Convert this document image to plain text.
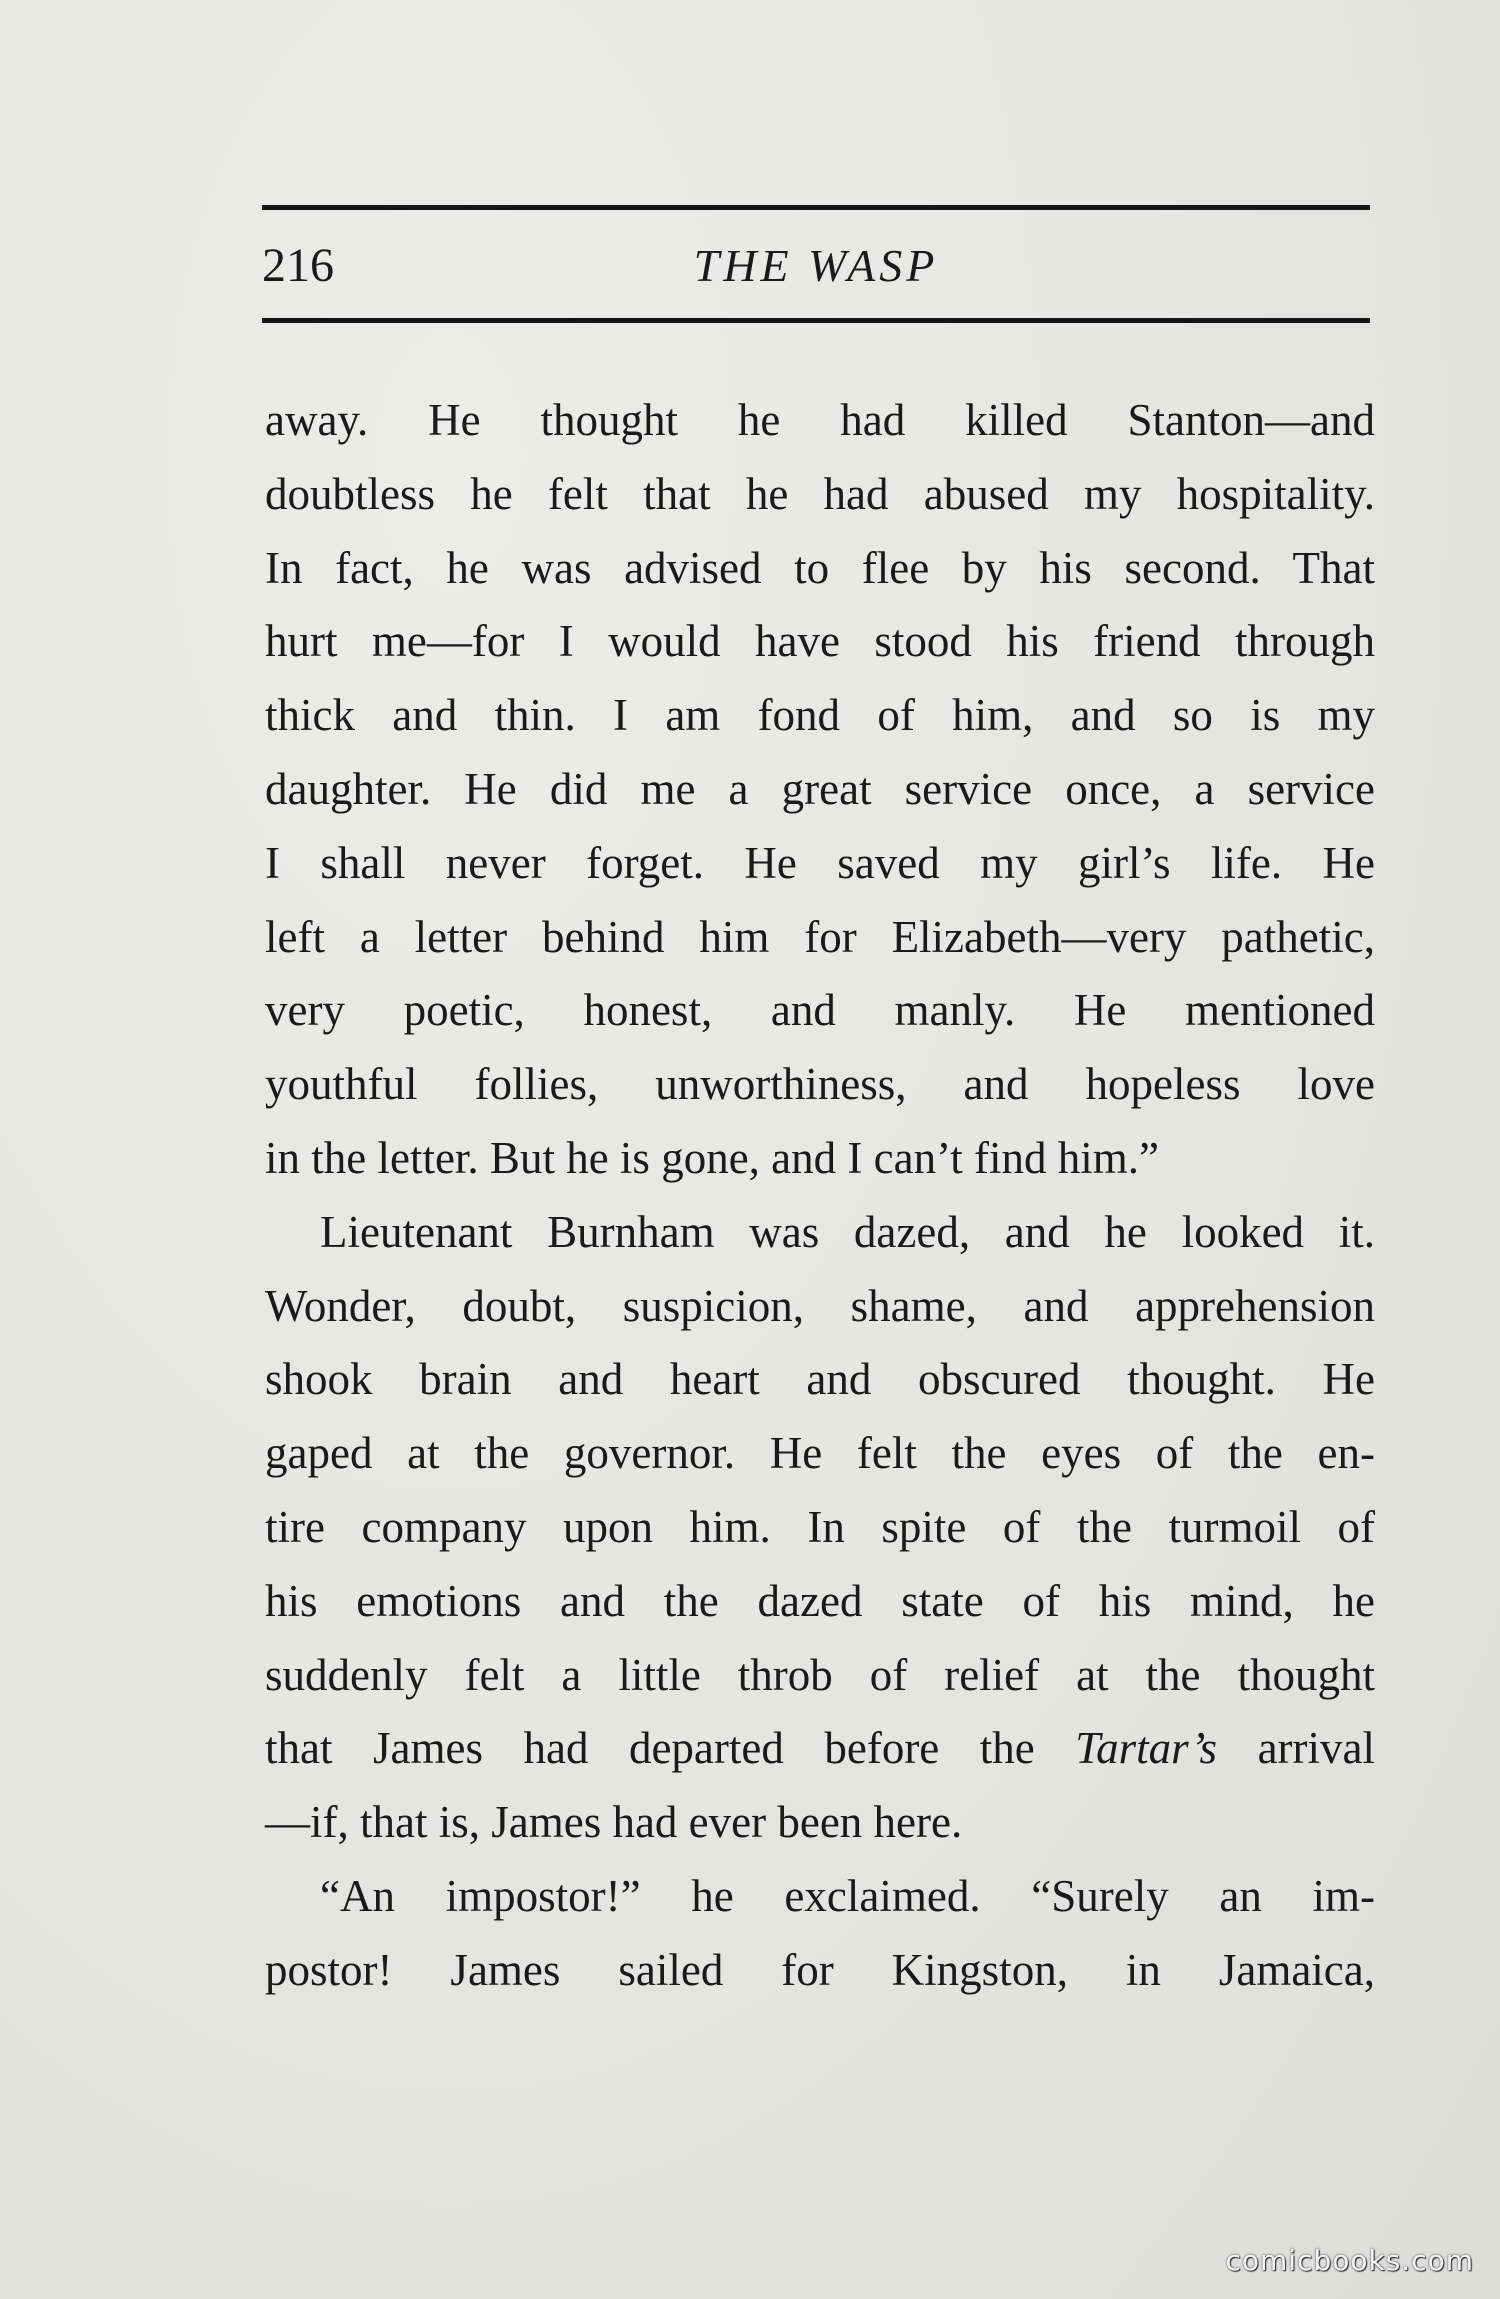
216	THE WASP
away. He thought he had killed Stanton—and
doubtless he felt that he had abused my hospitality.
In fact, he was advised to flee by his second. That
hurt me—for I would have stood his friend through
thick and thin. I am fond of him, and so is my
daughter. He did me a great service once, a service
I shall never forget. He saved my girl’s life. He
left a letter behind him for Elizabeth—very pathetic,
very poetic, honest, and manly. He mentioned
youthful follies, unworthiness, and hopeless love
in the letter. But he is gone, and I can’t find him.”
Lieutenant Burnham was dazed, and he looked it.
Wonder, doubt, suspicion, shame, and apprehension
shook brain and heart and obscured thought. He
gaped at the governor. He felt the eyes of the en-
tire company upon him. In spite of the turmoil of
his emotions and the dazed state of his mind, he
suddenly felt a little throb of relief at the thought
that James had departed before the Tartar’s arrival
—if, that is, James had ever been here.
“An impostor!” he exclaimed. “Surely an im-
postor! James sailed for Kingston, in Jamaica,
comicbooks.com
